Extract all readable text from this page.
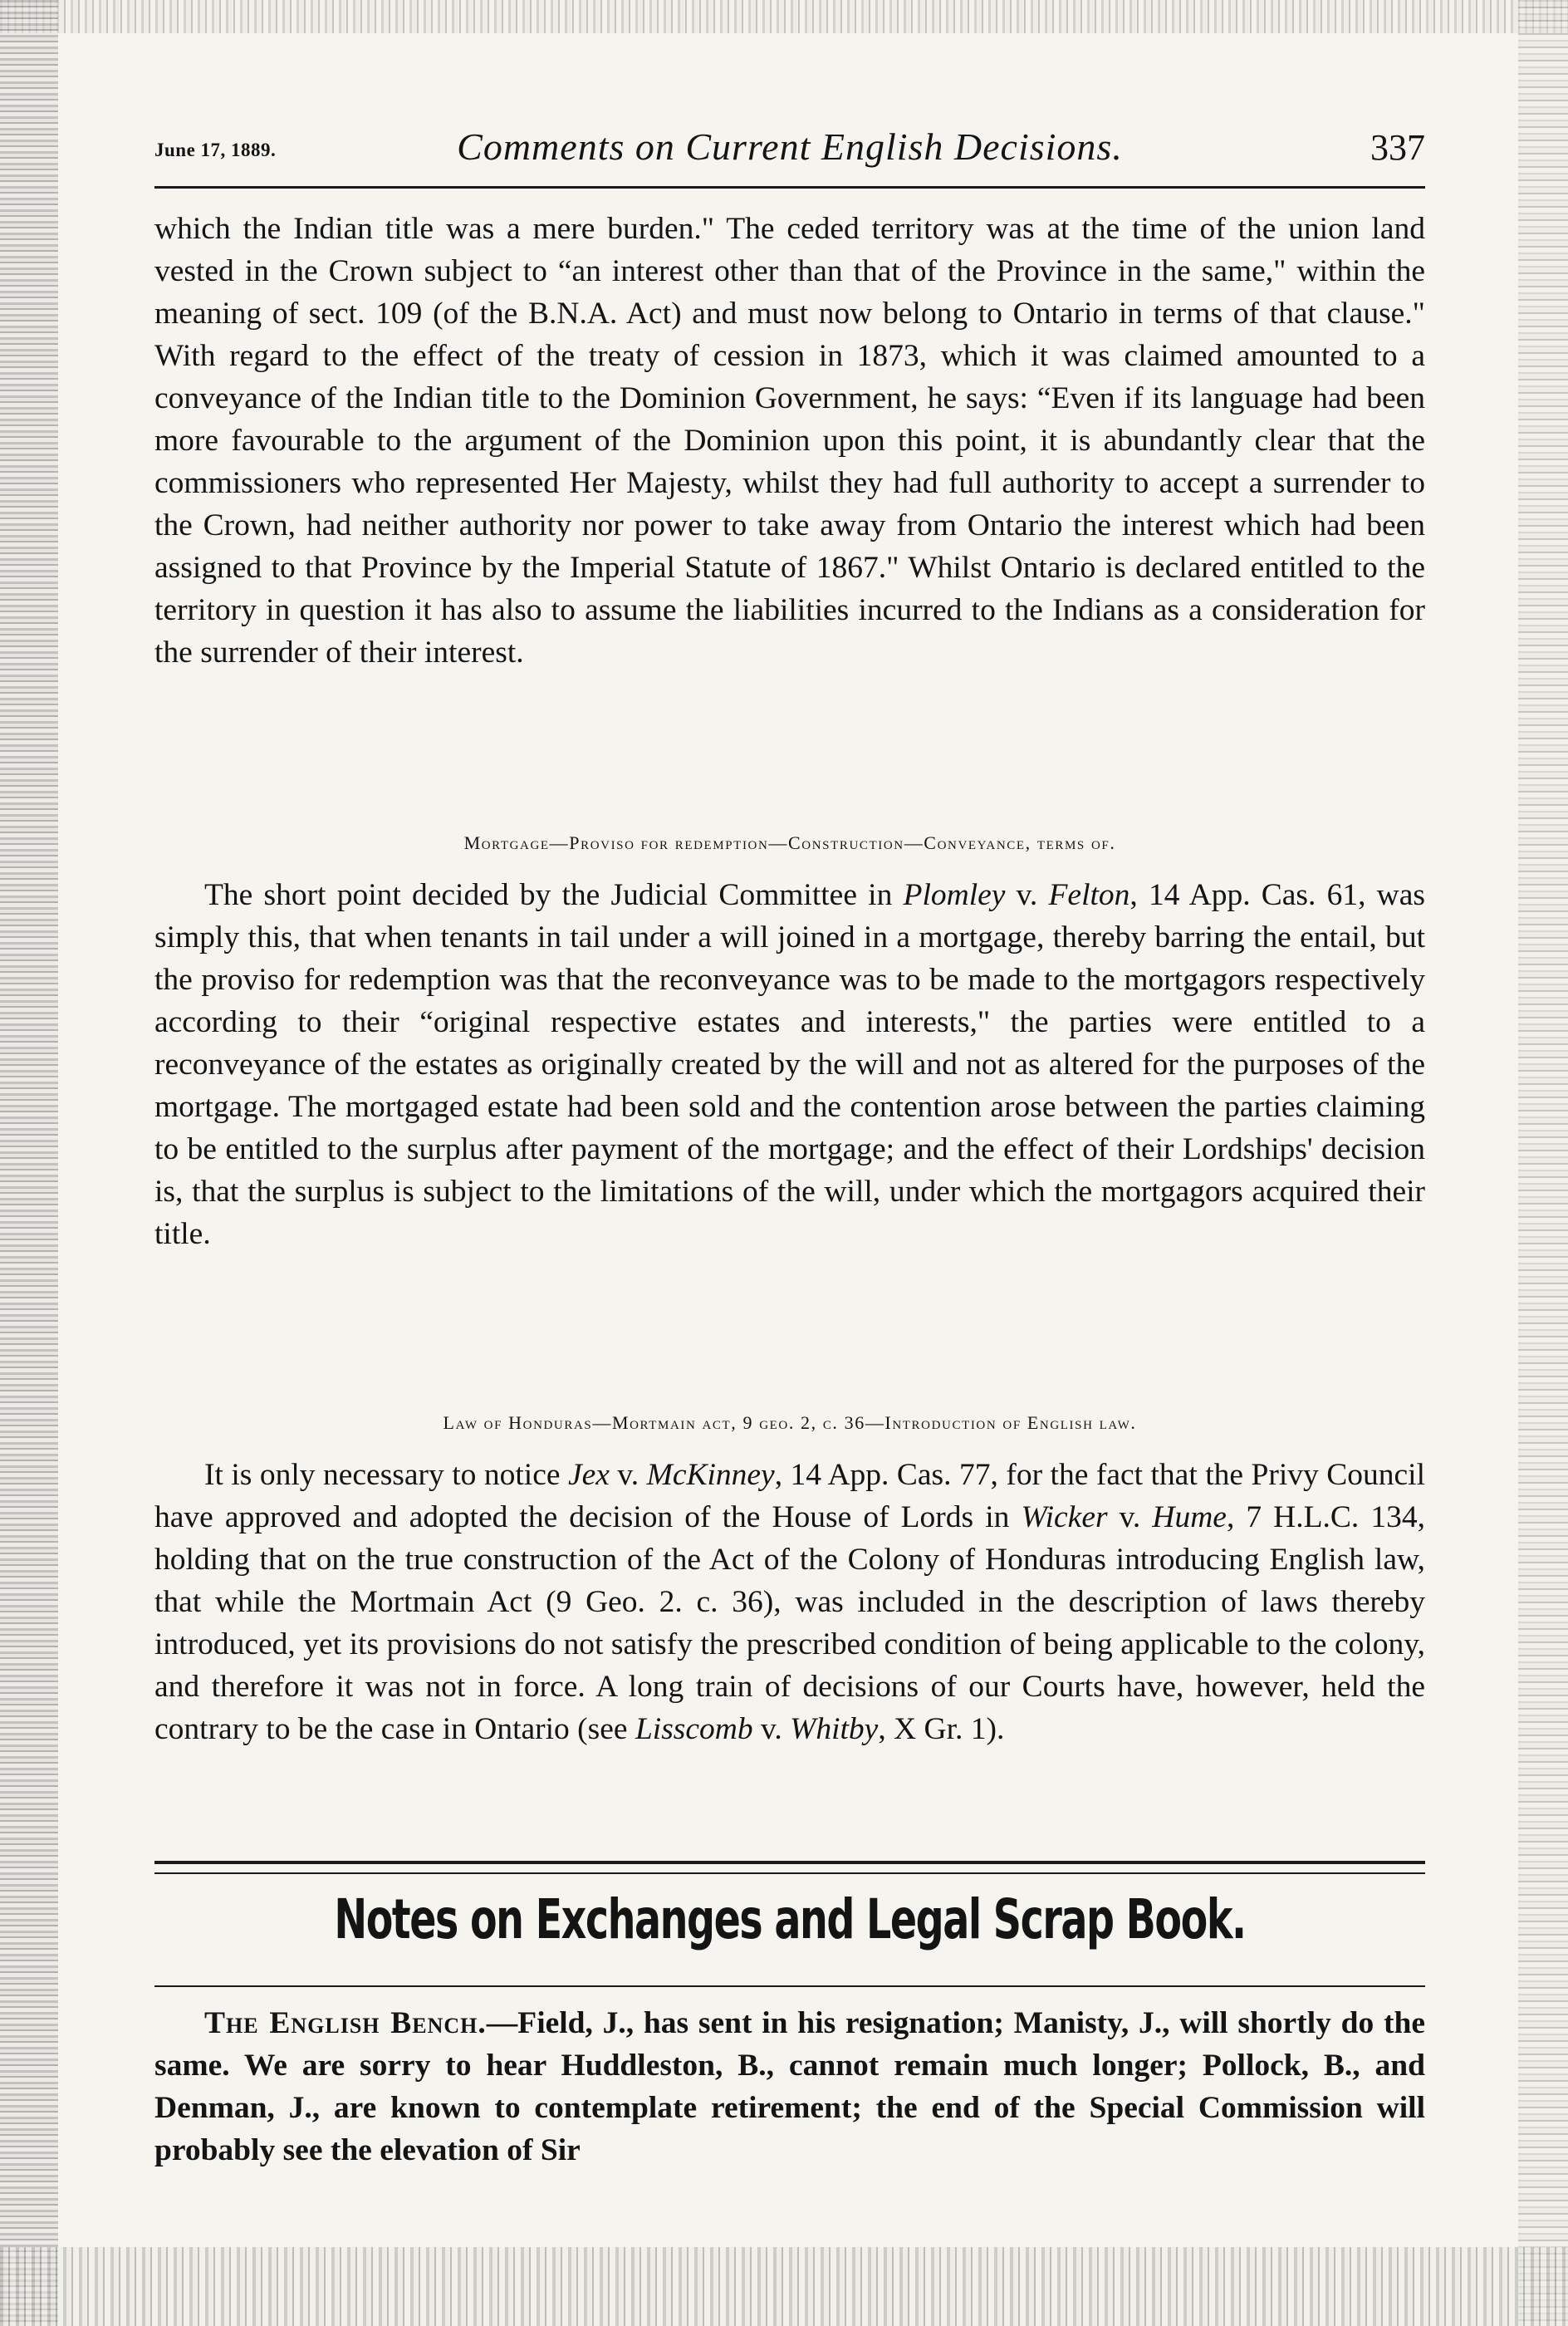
June 17, 1889.	Comments on Current English Decisions.	337

which the Indian title was a mere burden." The ceded territory was at the time of the union land vested in the Crown subject to “an interest other than that of the Province in the same," within the meaning of sect. 109 (of the B.N.A. Act) and must now belong to Ontario in terms of that clause." With regard to the effect of the treaty of cession in 1873, which it was claimed amounted to a conveyance of the Indian title to the Dominion Government, he says: “Even if its language had been more favourable to the argument of the Dominion upon this point, it is abundantly clear that the commissioners who represented Her Majesty, whilst they had full authority to accept a surrender to the Crown, had neither authority nor power to take away from Ontario the interest which had been assigned to that Province by the Imperial Statute of 1867." Whilst Ontario is declared entitled to the territory in question it has also to assume the liabilities incurred to the Indians as a consideration for the surrender of their interest.

Mortgage—Proviso for redemption—Construction—Conveyance, terms of.

The short point decided by the Judicial Committee in Plomley v. Felton, 14 App. Cas. 61, was simply this, that when tenants in tail under a will joined in a mortgage, thereby barring the entail, but the proviso for redemption was that the reconveyance was to be made to the mortgagors respectively according to their “original respective estates and interests," the parties were entitled to a reconveyance of the estates as originally created by the will and not as altered for the purposes of the mortgage. The mortgaged estate had been sold and the contention arose between the parties claiming to be entitled to the surplus after payment of the mortgage; and the effect of their Lordships' decision is, that the surplus is subject to the limitations of the will, under which the mortgagors acquired their title.

Law of Honduras—Mortmain act, 9 geo. 2, c. 36—Introduction of English law.

It is only necessary to notice Jex v. McKinney, 14 App. Cas. 77, for the fact that the Privy Council have approved and adopted the decision of the House of Lords in Wicker v. Hume, 7 H.L.C. 134, holding that on the true construction of the Act of the Colony of Honduras introducing English law, that while the Mortmain Act (9 Geo. 2. c. 36), was included in the description of laws thereby introduced, yet its provisions do not satisfy the prescribed condition of being applicable to the colony, and therefore it was not in force. A long train of decisions of our Courts have, however, held the contrary to be the case in Ontario (see Lisscomb v. Whitby, X Gr. 1).

Notes on Exchanges and Legal Scrap Book.

The English Bench.—Field, J., has sent in his resignation; Manisty, J., will shortly do the same. We are sorry to hear Huddleston, B., cannot remain much longer; Pollock, B., and Denman, J., are known to contemplate retirement; the end of the Special Commission will probably see the elevation of Sir
